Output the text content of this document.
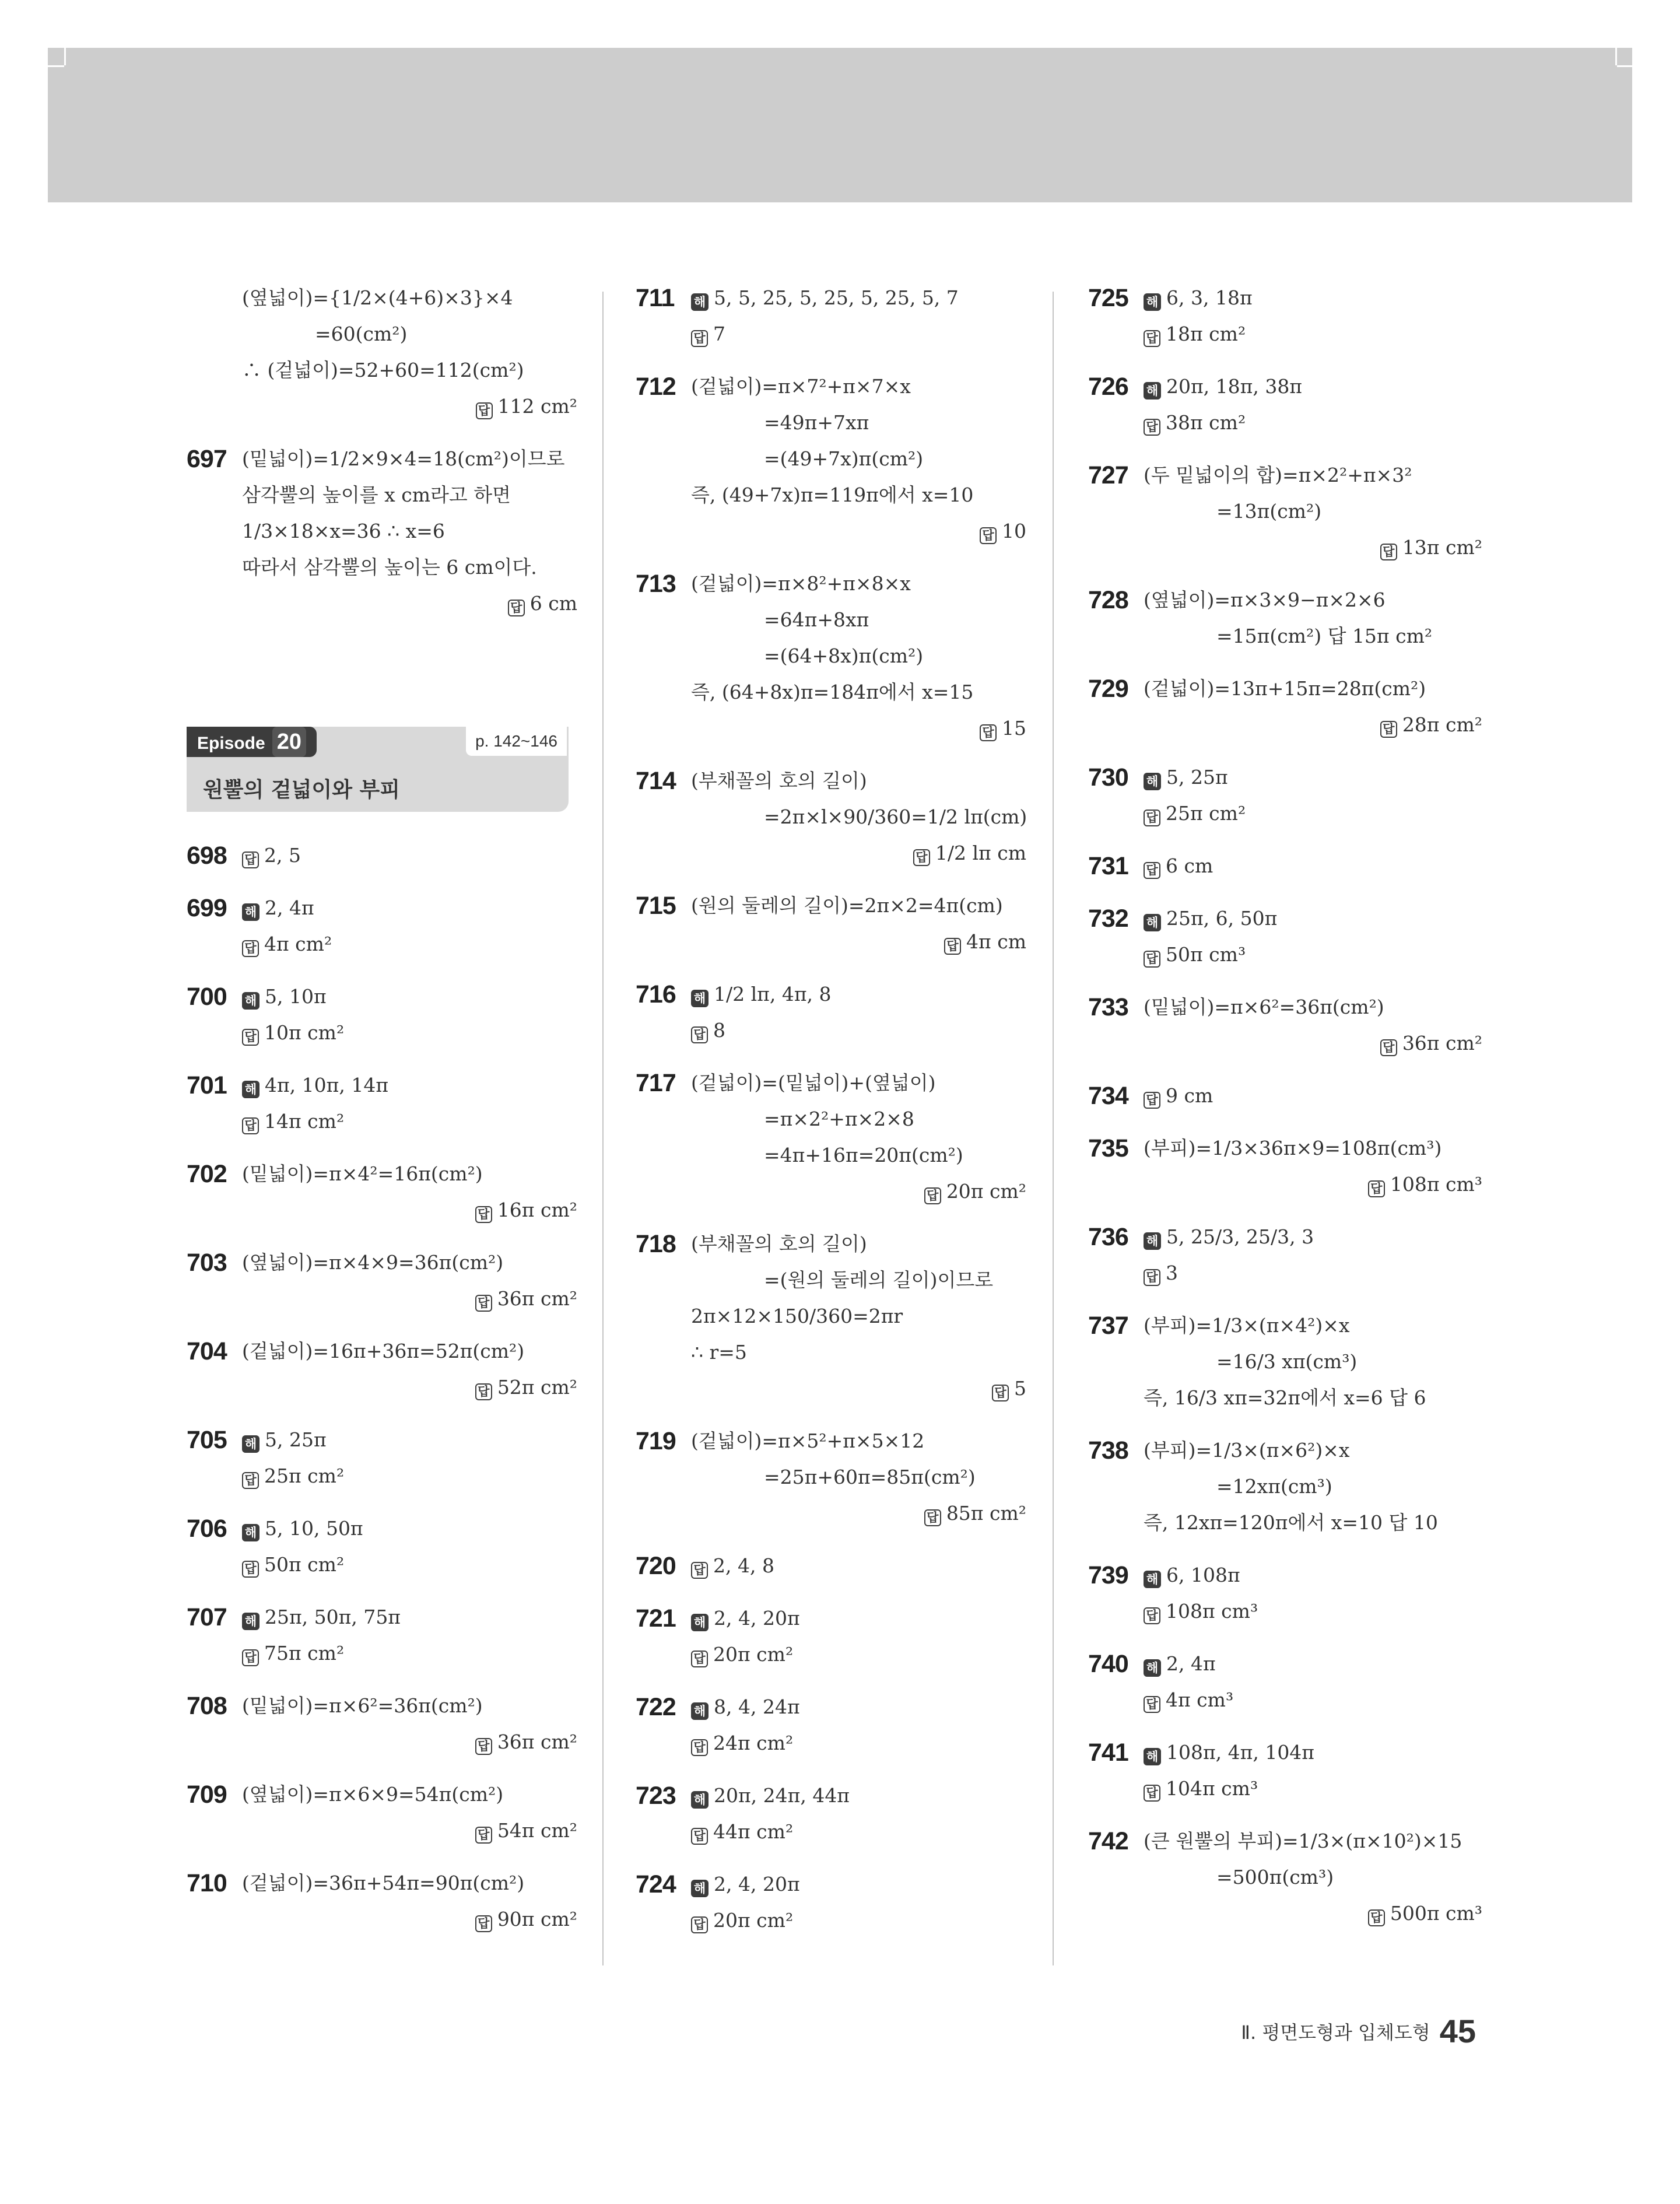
(옆넓이)={1/2×(4+6)×3}×4
=60(cm²)
∴ (겉넓이)=52+60=112(cm²)
답 112 cm²
697 (밑넓이)=1/2×9×4=18(cm²)이므로
삼각뿔의 높이를 x cm라고 하면
1/3×18×x=36 ∴ x=6
따라서 삼각뿔의 높이는 6 cm이다.
답 6 cm
Episode 20	p. 142~146
원뿔의 겉넓이와 부피
698	답 2, 5
699	해 2, 4π
답 4π cm²
700	해 5, 10π
답 10π cm²
701	해 4π, 10π, 14π
답 14π cm²
702 (밑넓이)=π×4²=16π(cm²)
답 16π cm²
703 (옆넓이)=π×4×9=36π(cm²)
답 36π cm²
704 (겉넓이)=16π+36π=52π(cm²)
답 52π cm²
705	해 5, 25π
답 25π cm²
706	해 5, 10, 50π
답 50π cm²
707	해 25π, 50π, 75π
답 75π cm²
708 (밑넓이)=π×6²=36π(cm²)
답 36π cm²
709 (옆넓이)=π×6×9=54π(cm²)
답 54π cm²
710 (겉넓이)=36π+54π=90π(cm²)
답 90π cm²
711	해 5, 5, 25, 5, 25, 5, 25, 5, 7
답 7
712 (겉넓이)=π×7²+π×7×x
=49π+7xπ
=(49+7x)π(cm²)
즉, (49+7x)π=119π에서 x=10
답 10
713 (겉넓이)=π×8²+π×8×x
=64π+8xπ
=(64+8x)π(cm²)
즉, (64+8x)π=184π에서 x=15
답 15
714 (부채꼴의 호의 길이)
=2π×l×90/360=1/2 lπ(cm)
답 1/2 lπ cm
715 (원의 둘레의 길이)=2π×2=4π(cm)
답 4π cm
716	해 1/2 lπ, 4π, 8
답 8
717 (겉넓이)=(밑넓이)+(옆넓이)
=π×2²+π×2×8
=4π+16π=20π(cm²)
답 20π cm²
718 (부채꼴의 호의 길이)
=(원의 둘레의 길이)이므로
2π×12×150/360=2πr
∴ r=5
답 5
719 (겉넓이)=π×5²+π×5×12
=25π+60π=85π(cm²)
답 85π cm²
720	답 2, 4, 8
721	해 2, 4, 20π
답 20π cm²
722	해 8, 4, 24π
답 24π cm²
723	해 20π, 24π, 44π
답 44π cm²
724	해 2, 4, 20π
답 20π cm²
725	해 6, 3, 18π
답 18π cm²
726	해 20π, 18π, 38π
답 38π cm²
727 (두 밑넓이의 합)=π×2²+π×3²
=13π(cm²)
답 13π cm²
728 (옆넓이)=π×3×9−π×2×6
=15π(cm²) 답 15π cm²
729 (겉넓이)=13π+15π=28π(cm²)
답 28π cm²
730	해 5, 25π
답 25π cm²
731	답 6 cm
732	해 25π, 6, 50π
답 50π cm³
733 (밑넓이)=π×6²=36π(cm²)
답 36π cm²
734	답 9 cm
735 (부피)=1/3×36π×9=108π(cm³)
답 108π cm³
736	해 5, 25/3, 25/3, 3
답 3
737 (부피)=1/3×(π×4²)×x
=16/3 xπ(cm³)
즉, 16/3 xπ=32π에서 x=6 답 6
738 (부피)=1/3×(π×6²)×x
=12xπ(cm³)
즉, 12xπ=120π에서 x=10 답 10
739	해 6, 108π
답 108π cm³
740	해 2, 4π
답 4π cm³
741	해 108π, 4π, 104π
답 104π cm³
742 (큰 원뿔의 부피)=1/3×(π×10²)×15
=500π(cm³)
답 500π cm³
Ⅱ. 평면도형과 입체도형 45
